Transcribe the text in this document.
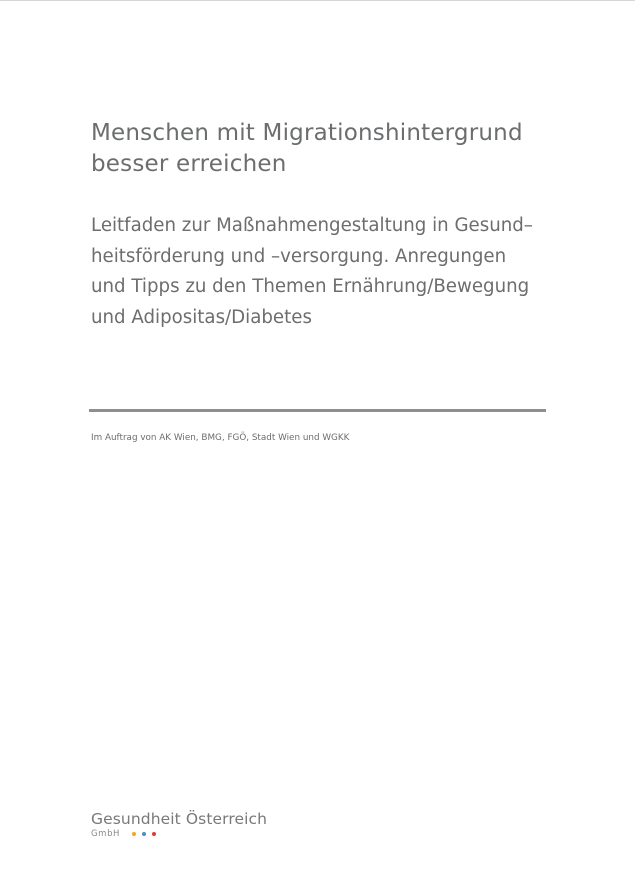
Menschen mit Migrationshintergrund
besser erreichen

Leitfaden zur Maßnahmengestaltung in Gesund–
heitsförderung und –versorgung. Anregungen
und Tipps zu den Themen Ernährung/Bewegung
und Adipositas/Diabetes

Im Auftrag von AK Wien, BMG, FGÖ, Stadt Wien und WGKK
Gesundheit Österreich
GmbH
